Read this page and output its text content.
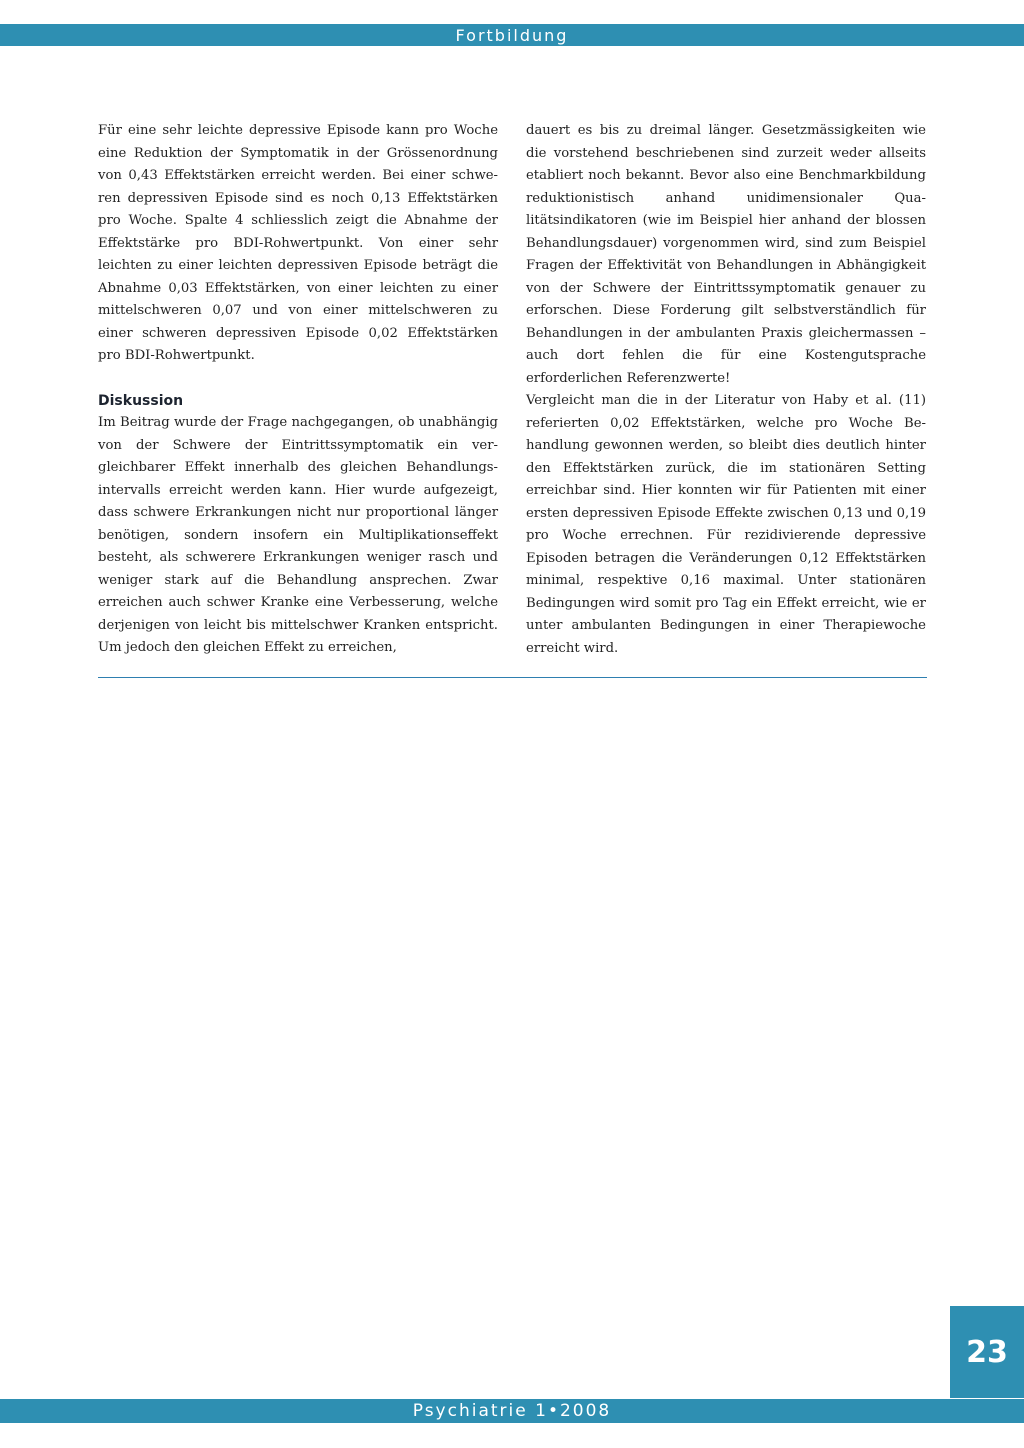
Fortbildung

Für eine sehr leichte depressive Episode kann pro Woche eine Reduktion der Symptomatik in der Grössenordnung von 0,43 Effektstärken erreicht werden. Bei einer schweren depressiven Episode sind es noch 0,13 Effektstärken pro Woche. Spalte 4 schliesslich zeigt die Abnahme der Effektstärke pro BDI-Rohwertpunkt. Von einer sehr leichten zu einer leichten depressiven Episode beträgt die Abnahme 0,03 Effektstärken, von einer leichten zu einer mittelschweren 0,07 und von einer mittelschweren zu einer schweren depressiven Episode 0,02 Effektstärken pro BDI-Rohwertpunkt.

Diskussion

Im Beitrag wurde der Frage nachgegangen, ob unabhängig von der Schwere der Eintrittssymptomatik ein vergleichbarer Effekt innerhalb des gleichen Behandlungsintervalls erreicht werden kann. Hier wurde aufgezeigt, dass schwere Erkrankungen nicht nur proportional länger benötigen, sondern insofern ein Multiplikationseffekt besteht, als schwerere Erkrankungen weniger rasch und weniger stark auf die Behandlung ansprechen. Zwar erreichen auch schwer Kranke eine Verbesserung, welche derjenigen von leicht bis mittelschwer Kranken entspricht. Um jedoch den gleichen Effekt zu erreichen,

dauert es bis zu dreimal länger. Gesetzmässigkeiten wie die vorstehend beschriebenen sind zurzeit weder allseits etabliert noch bekannt. Bevor also eine Benchmarkbildung reduktionistisch anhand unidimensionaler Qualitätsindikatoren (wie im Beispiel hier anhand der blossen Behandlungsdauer) vorgenommen wird, sind zum Beispiel Fragen der Effektivität von Behandlungen in Abhängigkeit von der Schwere der Eintrittssymptomatik genauer zu erforschen. Diese Forderung gilt selbstverständlich für Behandlungen in der ambulanten Praxis gleichermassen – auch dort fehlen die für eine Kostengutsprache erforderlichen Referenzwerte!

Vergleicht man die in der Literatur von Haby et al. (11) referierten 0,02 Effektstärken, welche pro Woche Behandlung gewonnen werden, so bleibt dies deutlich hinter den Effektstärken zurück, die im stationären Setting erreichbar sind. Hier konnten wir für Patienten mit einer ersten depressiven Episode Effekte zwischen 0,13 und 0,19 pro Woche errechnen. Für rezidivierende depressive Episoden betragen die Veränderungen 0,12 Effektstärken minimal, respektive 0,16 maximal. Unter stationären Bedingungen wird somit pro Tag ein Effekt erreicht, wie er unter ambulanten Bedingungen in einer Therapiewoche erreicht wird.

23
Psychiatrie 1•2008
